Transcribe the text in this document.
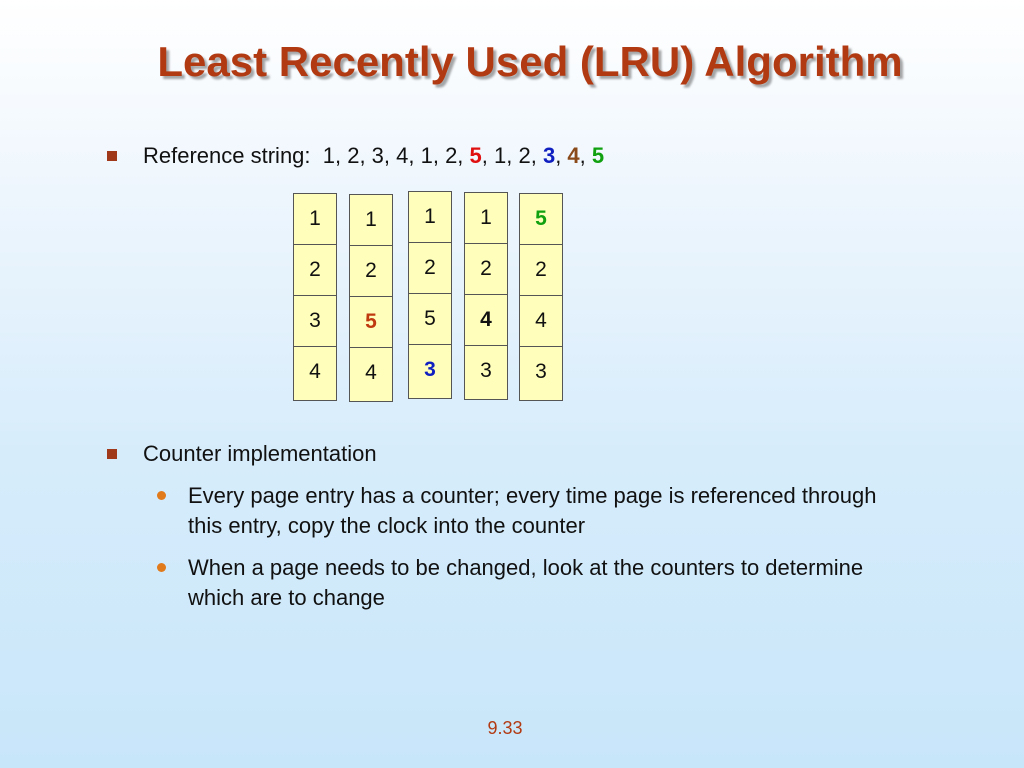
Least Recently Used (LRU) Algorithm
Reference string: 1, 2, 3, 4, 1, 2, 5, 1, 2, 3, 4, 5
1
2
3
4
1
2
5
4
1
2
5
3
1
2
4
3
5
2
4
3
Counter implementation
Every page entry has a counter; every time page is referenced through this entry, copy the clock into the counter
When a page needs to be changed, look at the counters to determine which are to change
9.33
